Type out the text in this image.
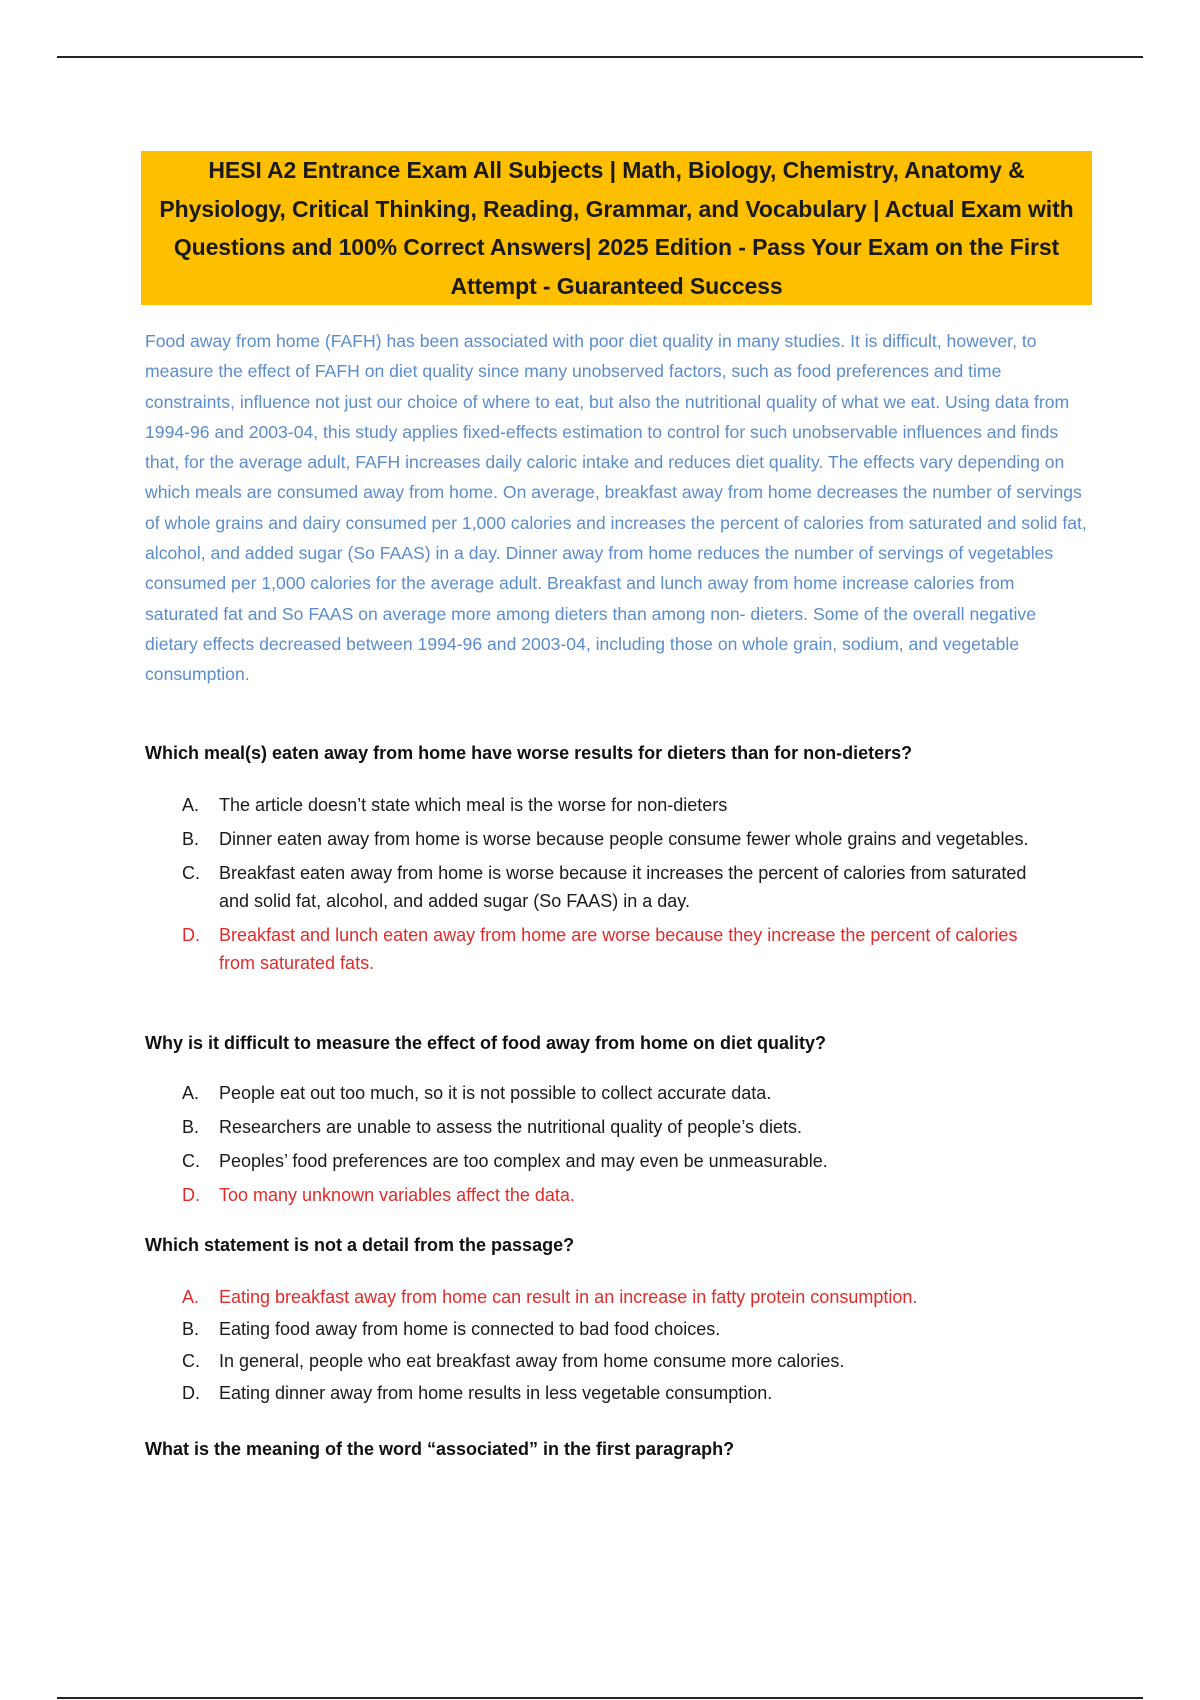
HESI A2 Entrance Exam All Subjects | Math, Biology, Chemistry, Anatomy & Physiology, Critical Thinking, Reading, Grammar, and Vocabulary | Actual Exam with Questions and 100% Correct Answers| 2025 Edition - Pass Your Exam on the First Attempt - Guaranteed Success

Food away from home (FAFH) has been associated with poor diet quality in many studies. It is difficult, however, to measure the effect of FAFH on diet quality since many unobserved factors, such as food preferences and time constraints, influence not just our choice of where to eat, but also the nutritional quality of what we eat. Using data from 1994-96 and 2003-04, this study applies fixed-effects estimation to control for such unobservable influences and finds that, for the average adult, FAFH increases daily caloric intake and reduces diet quality. The effects vary depending on which meals are consumed away from home. On average, breakfast away from home decreases the number of servings of whole grains and dairy consumed per 1,000 calories and increases the percent of calories from saturated and solid fat, alcohol, and added sugar (So FAAS) in a day. Dinner away from home reduces the number of servings of vegetables consumed per 1,000 calories for the average adult. Breakfast and lunch away from home increase calories from saturated fat and So FAAS on average more among dieters than among non- dieters. Some of the overall negative dietary effects decreased between 1994-96 and 2003-04, including those on whole grain, sodium, and vegetable consumption.

Which meal(s) eaten away from home have worse results for dieters than for non-dieters?

A. The article doesn’t state which meal is the worse for non-dieters
B. Dinner eaten away from home is worse because people consume fewer whole grains and vegetables.
C. Breakfast eaten away from home is worse because it increases the percent of calories from saturated and solid fat, alcohol, and added sugar (So FAAS) in a day.
D. Breakfast and lunch eaten away from home are worse because they increase the percent of calories from saturated fats.

Why is it difficult to measure the effect of food away from home on diet quality?

A. People eat out too much, so it is not possible to collect accurate data.
B. Researchers are unable to assess the nutritional quality of people’s diets.
C. Peoples’ food preferences are too complex and may even be unmeasurable.
D. Too many unknown variables affect the data.

Which statement is not a detail from the passage?

A. Eating breakfast away from home can result in an increase in fatty protein consumption.
B. Eating food away from home is connected to bad food choices.
C. In general, people who eat breakfast away from home consume more calories.
D. Eating dinner away from home results in less vegetable consumption.

What is the meaning of the word “associated” in the first paragraph?
